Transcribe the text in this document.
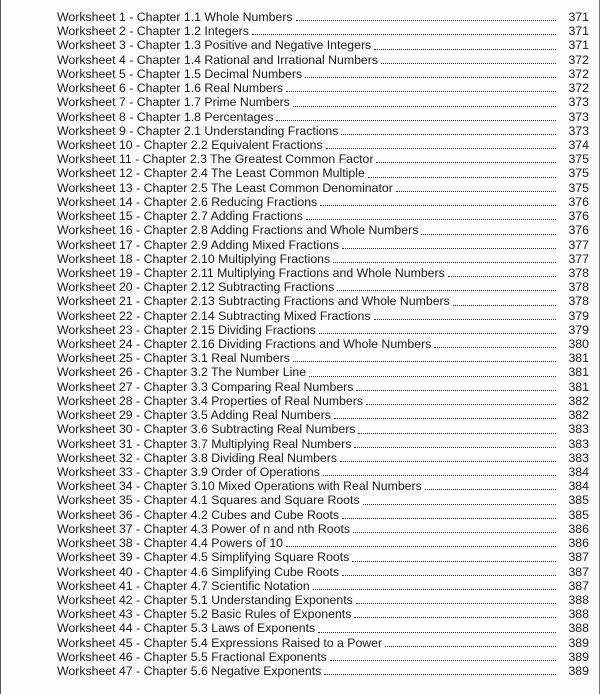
Worksheet 1 - Chapter 1.1 Whole Numbers	371
Worksheet 2 - Chapter 1.2 Integers	371
Worksheet 3 - Chapter 1.3 Positive and Negative Integers	371
Worksheet 4 - Chapter 1.4 Rational and Irrational Numbers	372
Worksheet 5 - Chapter 1.5 Decimal Numbers	372
Worksheet 6 - Chapter 1.6 Real Numbers	372
Worksheet 7 - Chapter 1.7 Prime Numbers	373
Worksheet 8 - Chapter 1.8 Percentages	373
Worksheet 9 - Chapter 2.1 Understanding Fractions	373
Worksheet 10 - Chapter 2.2 Equivalent Fractions	374
Worksheet 11 - Chapter 2.3 The Greatest Common Factor	375
Worksheet 12 - Chapter 2.4 The Least Common Multiple	375
Worksheet 13 - Chapter 2.5 The Least Common Denominator	375
Worksheet 14 - Chapter 2.6 Reducing Fractions	376
Worksheet 15 - Chapter 2.7 Adding Fractions	376
Worksheet 16 - Chapter 2.8 Adding Fractions and Whole Numbers	376
Worksheet 17 - Chapter 2.9 Adding Mixed Fractions	377
Worksheet 18 - Chapter 2.10 Multiplying Fractions	377
Worksheet 19 - Chapter 2.11 Multiplying Fractions and Whole Numbers	378
Worksheet 20 - Chapter 2.12 Subtracting Fractions	378
Worksheet 21 - Chapter 2.13 Subtracting Fractions and Whole Numbers	378
Worksheet 22 - Chapter 2.14 Subtracting Mixed Fractions	379
Worksheet 23 - Chapter 2.15 Dividing Fractions	379
Worksheet 24 - Chapter 2.16 Dividing Fractions and Whole Numbers	380
Worksheet 25 - Chapter 3.1 Real Numbers	381
Worksheet 26 - Chapter 3.2 The Number Line	381
Worksheet 27 - Chapter 3.3 Comparing Real Numbers	381
Worksheet 28 - Chapter 3.4 Properties of Real Numbers	382
Worksheet 29 - Chapter 3.5 Adding Real Numbers	382
Worksheet 30 - Chapter 3.6 Subtracting Real Numbers	383
Worksheet 31 - Chapter 3.7 Multiplying Real Numbers	383
Worksheet 32 - Chapter 3.8 Dividing Real Numbers	383
Worksheet 33 - Chapter 3.9 Order of Operations	384
Worksheet 34 - Chapter 3.10 Mixed Operations with Real Numbers	384
Worksheet 35 - Chapter 4.1 Squares and Square Roots	385
Worksheet 36 - Chapter 4.2 Cubes and Cube Roots	385
Worksheet 37 - Chapter 4.3 Power of n and nth Roots	386
Worksheet 38 - Chapter 4.4 Powers of 10	386
Worksheet 39 - Chapter 4.5 Simplifying Square Roots	387
Worksheet 40 - Chapter 4.6 Simplifying Cube Roots	387
Worksheet 41 - Chapter 4.7 Scientific Notation	387
Worksheet 42 - Chapter 5.1 Understanding Exponents	388
Worksheet 43 - Chapter 5.2 Basic Rules of Exponents	388
Worksheet 44 - Chapter 5.3 Laws of Exponents	388
Worksheet 45 - Chapter 5.4 Expressions Raised to a Power	389
Worksheet 46 - Chapter 5.5 Fractional Exponents	389
Worksheet 47 - Chapter 5.6 Negative Exponents	389
